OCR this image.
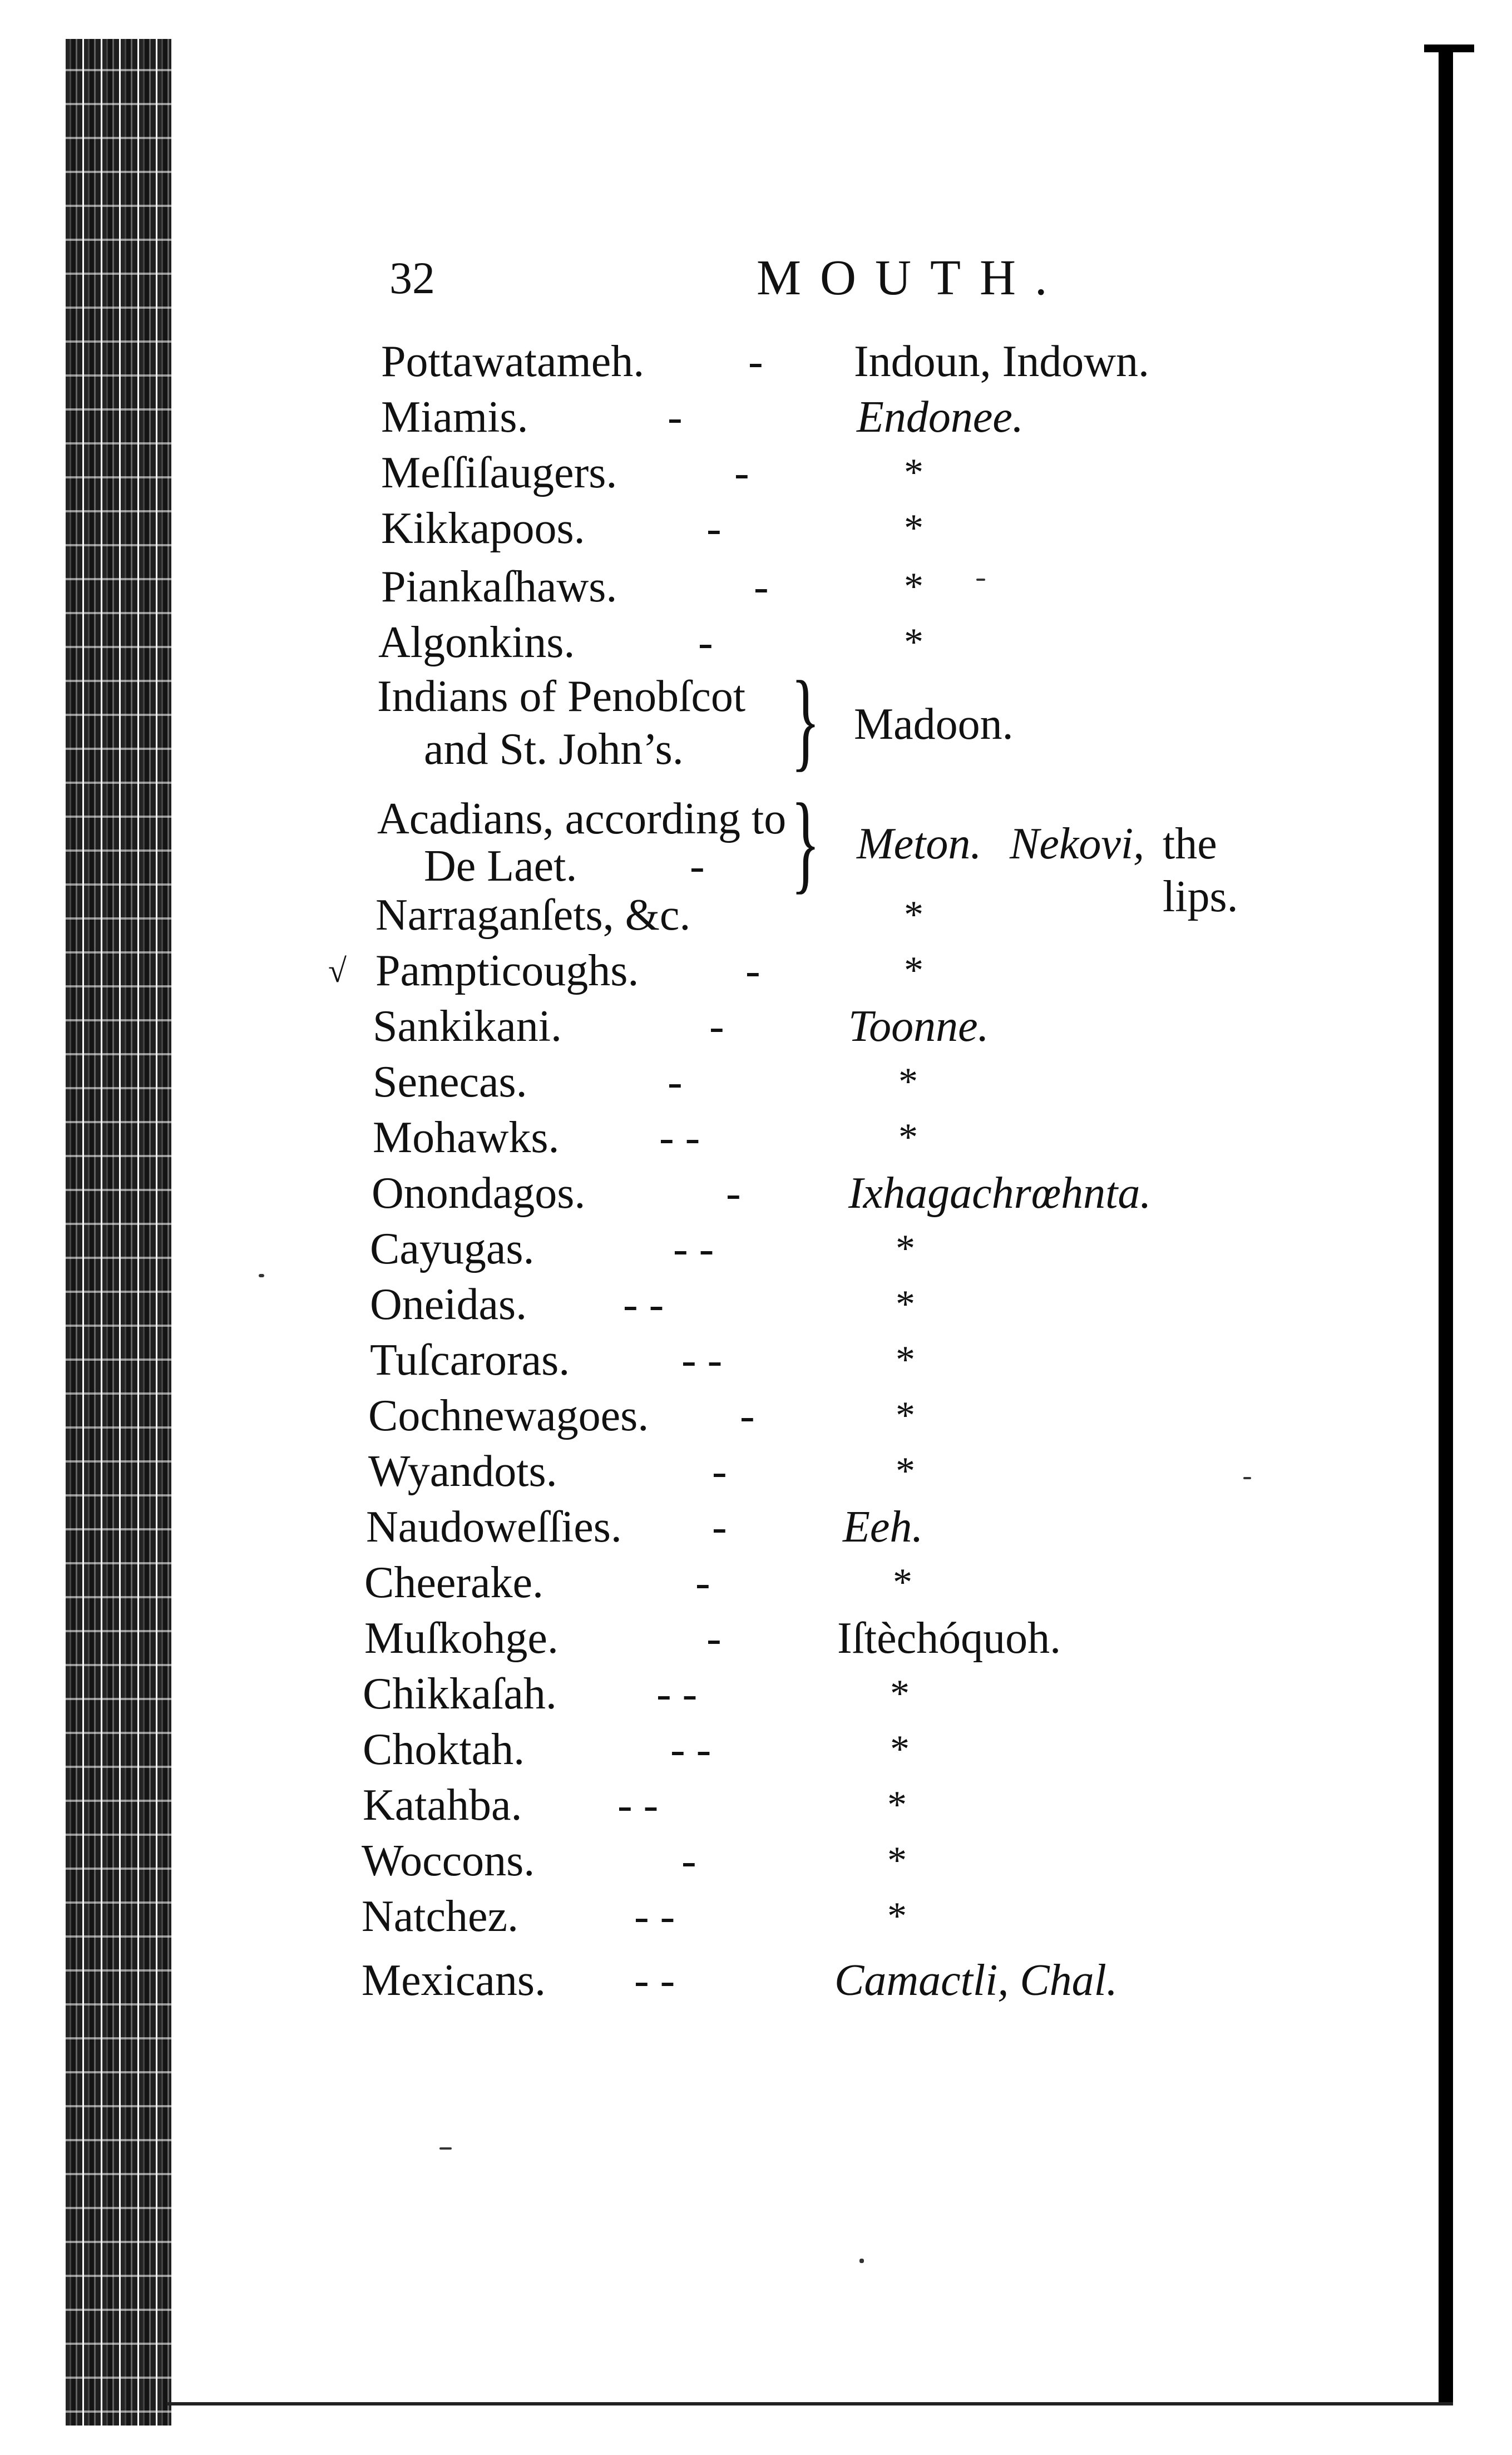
32	MOUTH.
Pottawatameh. - Indoun, Indown.
Miamis.	-	Endonee.
Meſſiſaugers.	-	*
Kikkapoos.	-	*
Piankaſhaws.	-	*
Algonkins.	-	*
Indians of Penobſcot
and St. John’s. } Madoon.
Acadians, according to
De Laet.	- } Meton. Nekovi, the lips.
Narraganſets, &c.	*
√ Pampticoughs. -	*
Sankikani.	-	Toonne.
Senecas.	-	*
Mohawks. - -	*
Onondagos.	- Ixhagachrœhnta.
Cayugas.	- -	*
Oneidas. - -	*
Tuſcaroras.	- -	*
Cochnewagoes. -	*
Wyandots.	-	*
Naudoweſſies. -	Eeh.
Cheerake.	-	*
Muſkohge.	-	Iſtèchóquoh.
Chikkaſah. - -	*
Choktah.	- -	*
Katahba. - -	*
Woccons.	-	*
Natchez.	- -	*
Mexicans. - -	Camactli, Chal.
